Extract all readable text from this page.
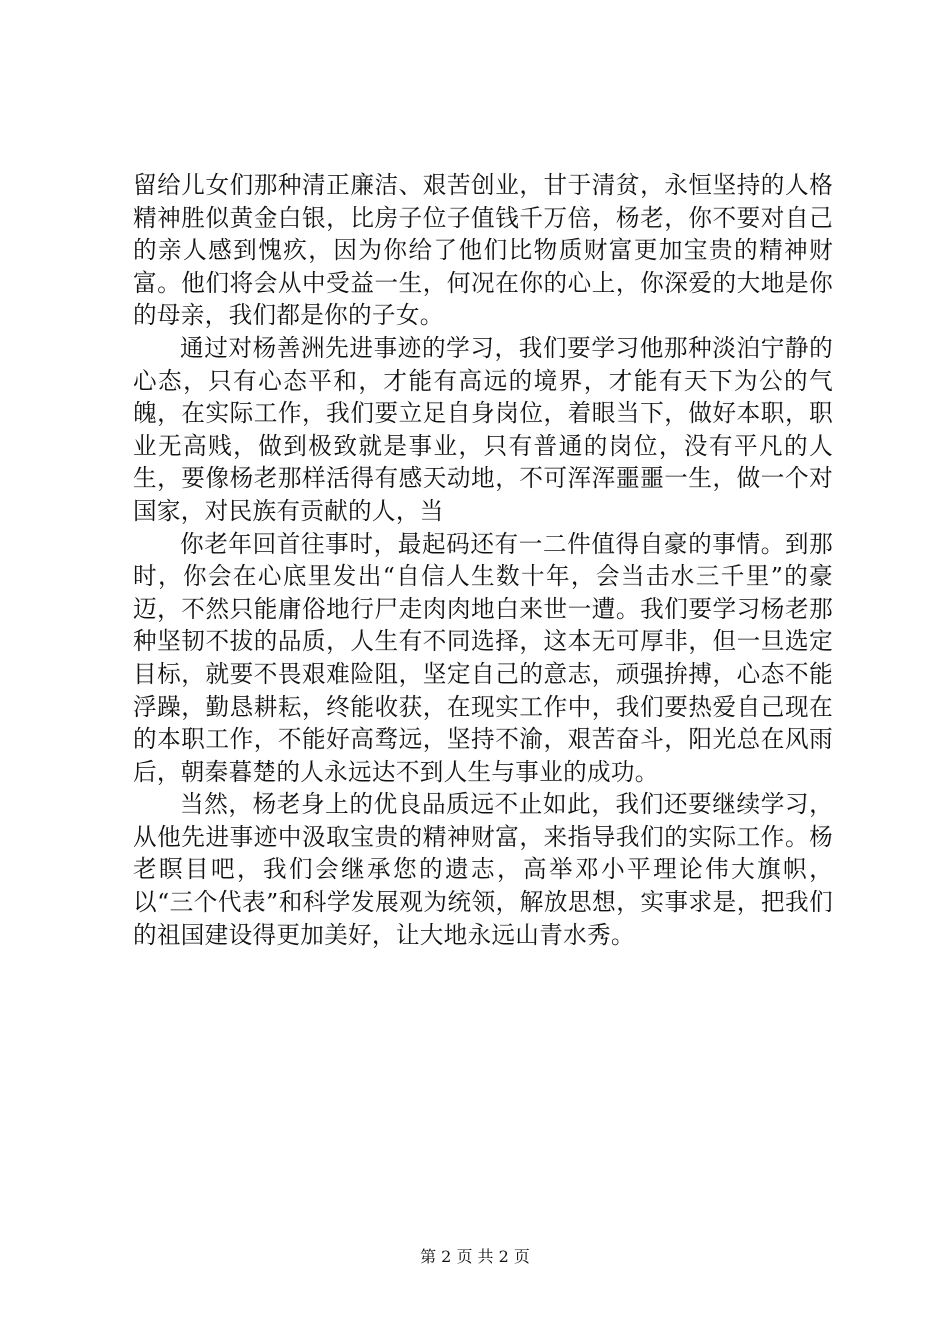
留给儿女们那种清正廉洁、艰苦创业，甘于清贫，永恒坚持的人格精神胜似黄金白银，比房子位子值钱千万倍，杨老，你不要对自己的亲人感到愧疚，因为你给了他们比物质财富更加宝贵的精神财富。他们将会从中受益一生，何况在你的心上，你深爱的大地是你的母亲，我们都是你的子女。

通过对杨善洲先进事迹的学习，我们要学习他那种淡泊宁静的心态，只有心态平和，才能有高远的境界，才能有天下为公的气魄，在实际工作，我们要立足自身岗位，着眼当下，做好本职，职业无高贱，做到极致就是事业，只有普通的岗位，没有平凡的人生，要像杨老那样活得有感天动地，不可浑浑噩噩一生，做一个对国家，对民族有贡献的人，当

你老年回首往事时，最起码还有一二件值得自豪的事情。到那时，你会在心底里发出“自信人生数十年，会当击水三千里”的豪迈，不然只能庸俗地行尸走肉肉地白来世一遭。我们要学习杨老那种坚韧不拔的品质，人生有不同选择，这本无可厚非，但一旦选定目标，就要不畏艰难险阻，坚定自己的意志，顽强拚搏，心态不能浮躁，勤恳耕耘，终能收获，在现实工作中，我们要热爱自己现在的本职工作，不能好高骛远，坚持不渝，艰苦奋斗，阳光总在风雨后，朝秦暮楚的人永远达不到人生与事业的成功。

当然，杨老身上的优良品质远不止如此，我们还要继续学习，从他先进事迹中汲取宝贵的精神财富，来指导我们的实际工作。杨老瞑目吧，我们会继承您的遗志，高举邓小平理论伟大旗帜，以“三个代表”和科学发展观为统领，解放思想，实事求是，把我们的祖国建设得更加美好，让大地永远山青水秀。

第 2 页 共 2 页
